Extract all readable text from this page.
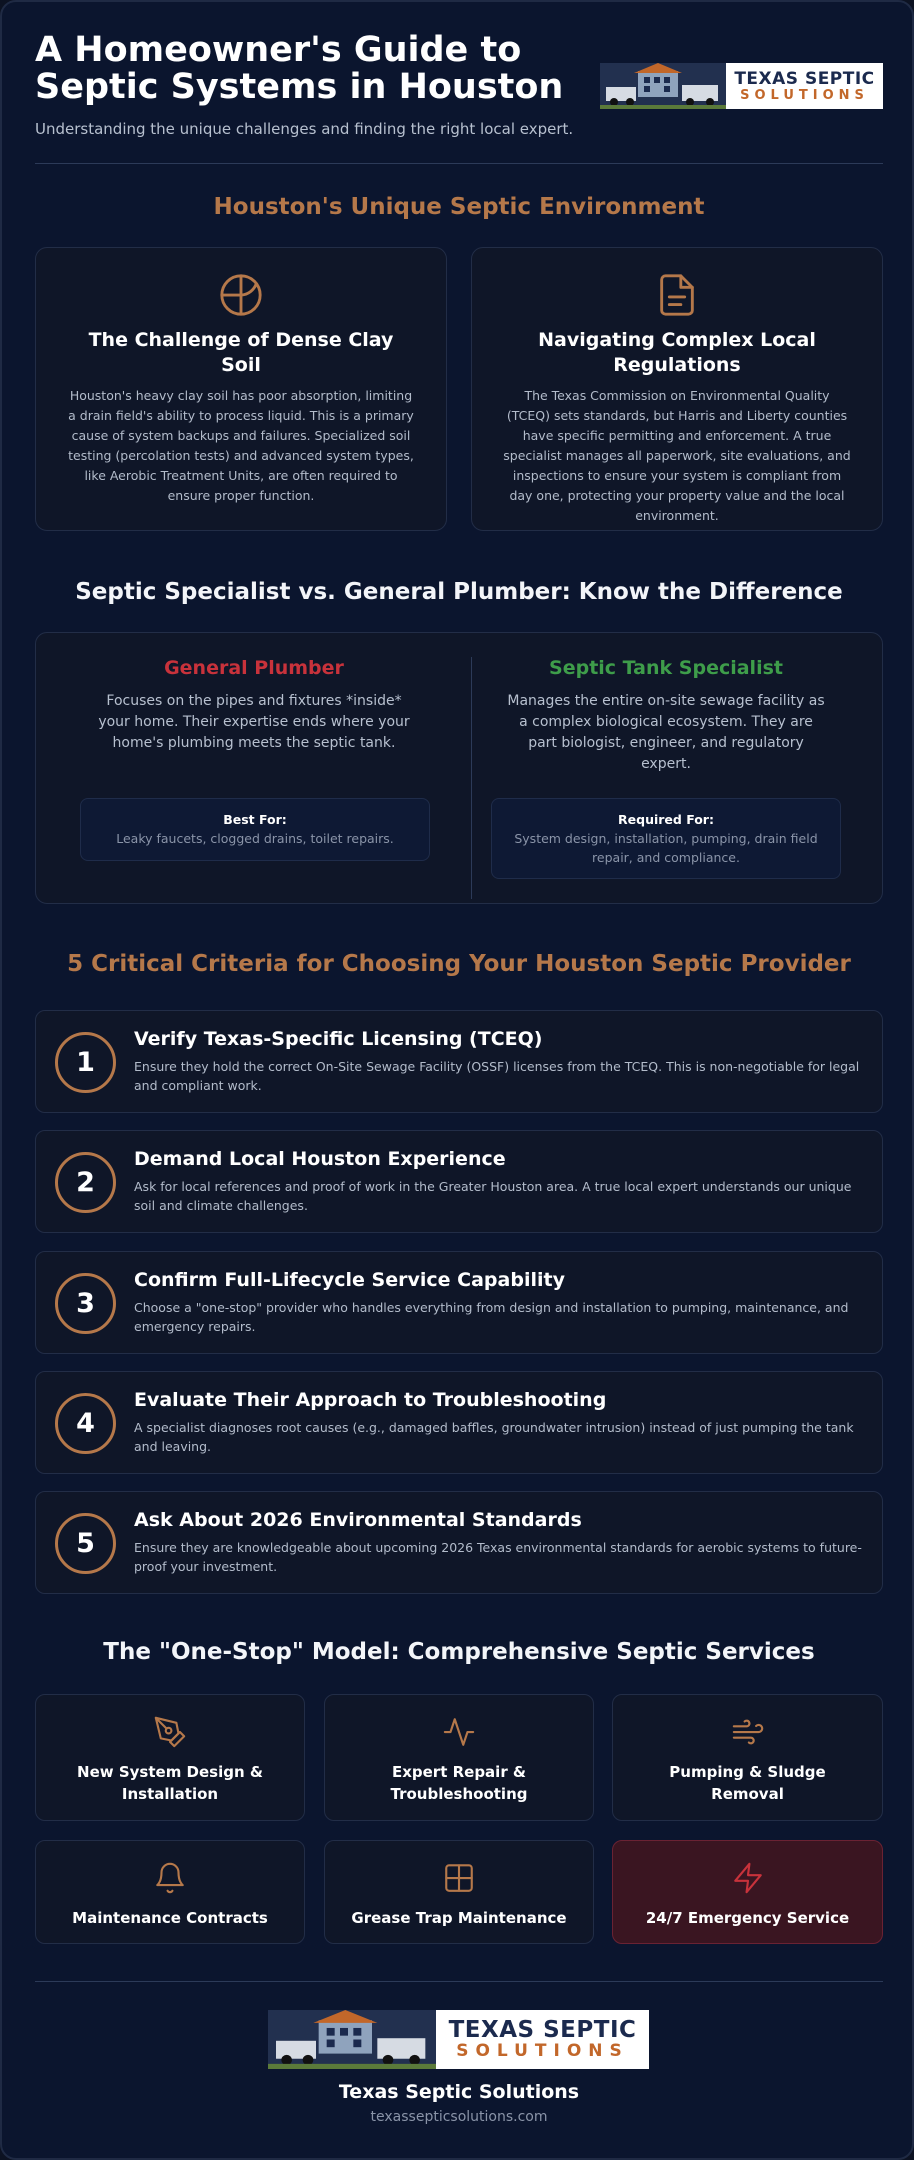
A Homeowner's Guide to Septic Systems in Houston
Understanding the unique challenges and finding the right local expert.
TEXAS SEPTIC
SOLUTIONS
Houston's Unique Septic Environment
The Challenge of Dense Clay Soil

Houston's heavy clay soil has poor absorption, limiting a drain field's ability to process liquid. This is a primary cause of system backups and failures. Specialized soil testing (percolation tests) and advanced system types, like Aerobic Treatment Units, are often required to ensure proper function.

Navigating Complex Local Regulations

The Texas Commission on Environmental Quality (TCEQ) sets standards, but Harris and Liberty counties have specific permitting and enforcement. A true specialist manages all paperwork, site evaluations, and inspections to ensure your system is compliant from day one, protecting your property value and the local environment.

Septic Specialist vs. General Plumber: Know the Difference
General Plumber

Focuses on the pipes and fixtures *inside* your home. Their expertise ends where your home's plumbing meets the septic tank.

Septic Tank Specialist

Manages the entire on-site sewage facility as a complex biological ecosystem. They are part biologist, engineer, and regulatory expert.

Best For:
Leaky faucets, clogged drains, toilet repairs.
Required For:
System design, installation, pumping, drain field repair, and compliance.
5 Critical Criteria for Choosing Your Houston Septic Provider
1
Verify Texas-Specific Licensing (TCEQ)
Ensure they hold the correct On-Site Sewage Facility (OSSF) licenses from the TCEQ. This is non-negotiable for legal and compliant work.
2
Demand Local Houston Experience
Ask for local references and proof of work in the Greater Houston area. A true local expert understands our unique soil and climate challenges.
3
Confirm Full-Lifecycle Service Capability
Choose a "one-stop" provider who handles everything from design and installation to pumping, maintenance, and emergency repairs.
4
Evaluate Their Approach to Troubleshooting
A specialist diagnoses root causes (e.g., damaged baffles, groundwater intrusion) instead of just pumping the tank and leaving.
5
Ask About 2026 Environmental Standards
Ensure they are knowledgeable about upcoming 2026 Texas environmental standards for aerobic systems to future-proof your investment.
The "One-Stop" Model: Comprehensive Septic Services
New System Design & Installation
Expert Repair & Troubleshooting
Pumping & Sludge Removal
Maintenance Contracts	Grease Trap Maintenance	24/7 Emergency Service
TEXAS SEPTIC
SOLUTIONS
Texas Septic Solutions
texassepticsolutions.com
